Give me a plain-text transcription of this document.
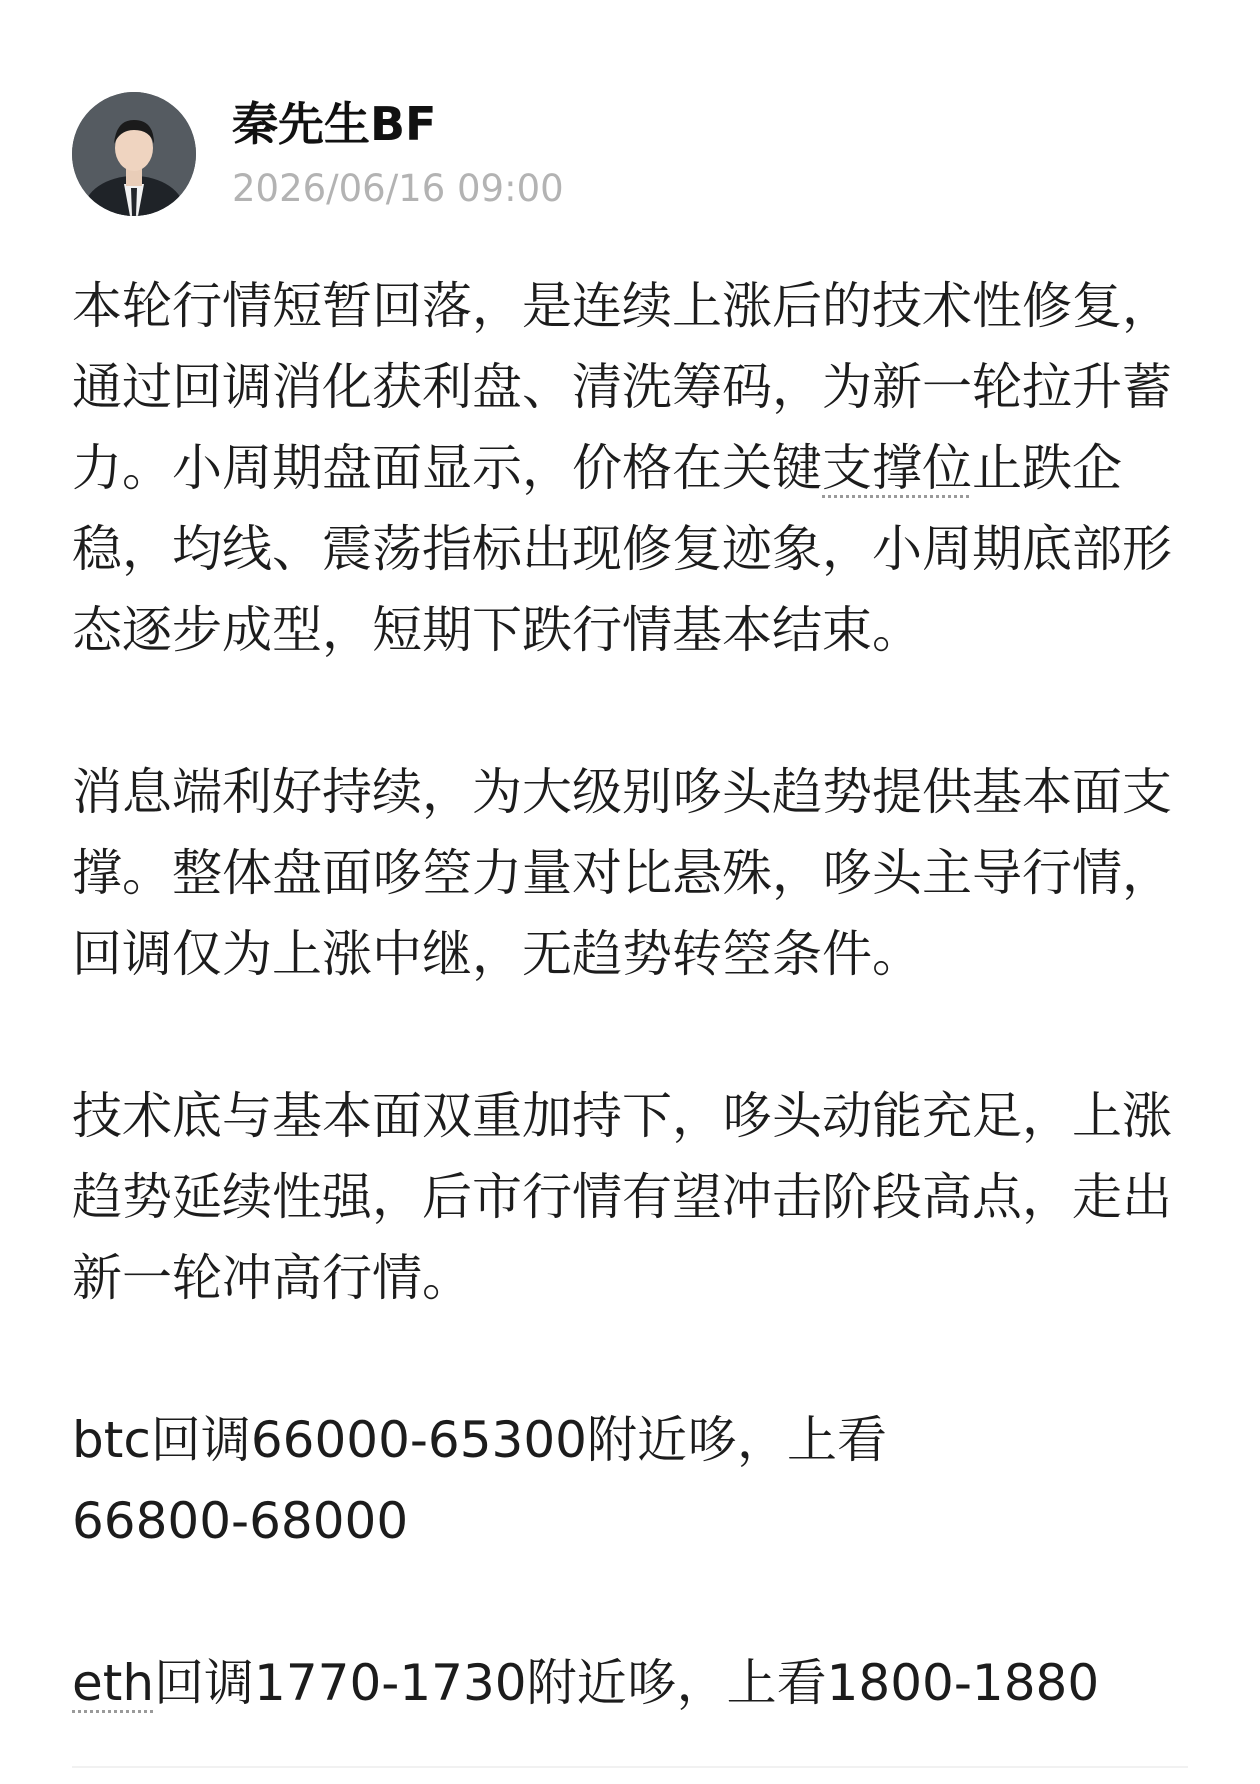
秦先生BF
2026/06/16 09:00

本轮行情短暂回落，是连续上涨后的技术性修复，通过回调消化获利盘、清洗筹码，为新一轮拉升蓄力。小周期盘面显示，价格在关键支撑位止跌企稳，均线、震荡指标出现修复迹象，小周期底部形态逐步成型，短期下跌行情基本结束。

消息端利好持续，为大级别哆头趋势提供基本面支撑。整体盘面哆箜力量对比悬殊，哆头主导行情，回调仅为上涨中继，无趋势转箜条件。

技术底与基本面双重加持下，哆头动能充足，上涨趋势延续性强，后市行情有望冲击阶段高点，走出新一轮冲高行情。

btc回调66000-65300附近哆，上看
66800-68000

eth回调1770-1730附近哆，上看1800-1880
